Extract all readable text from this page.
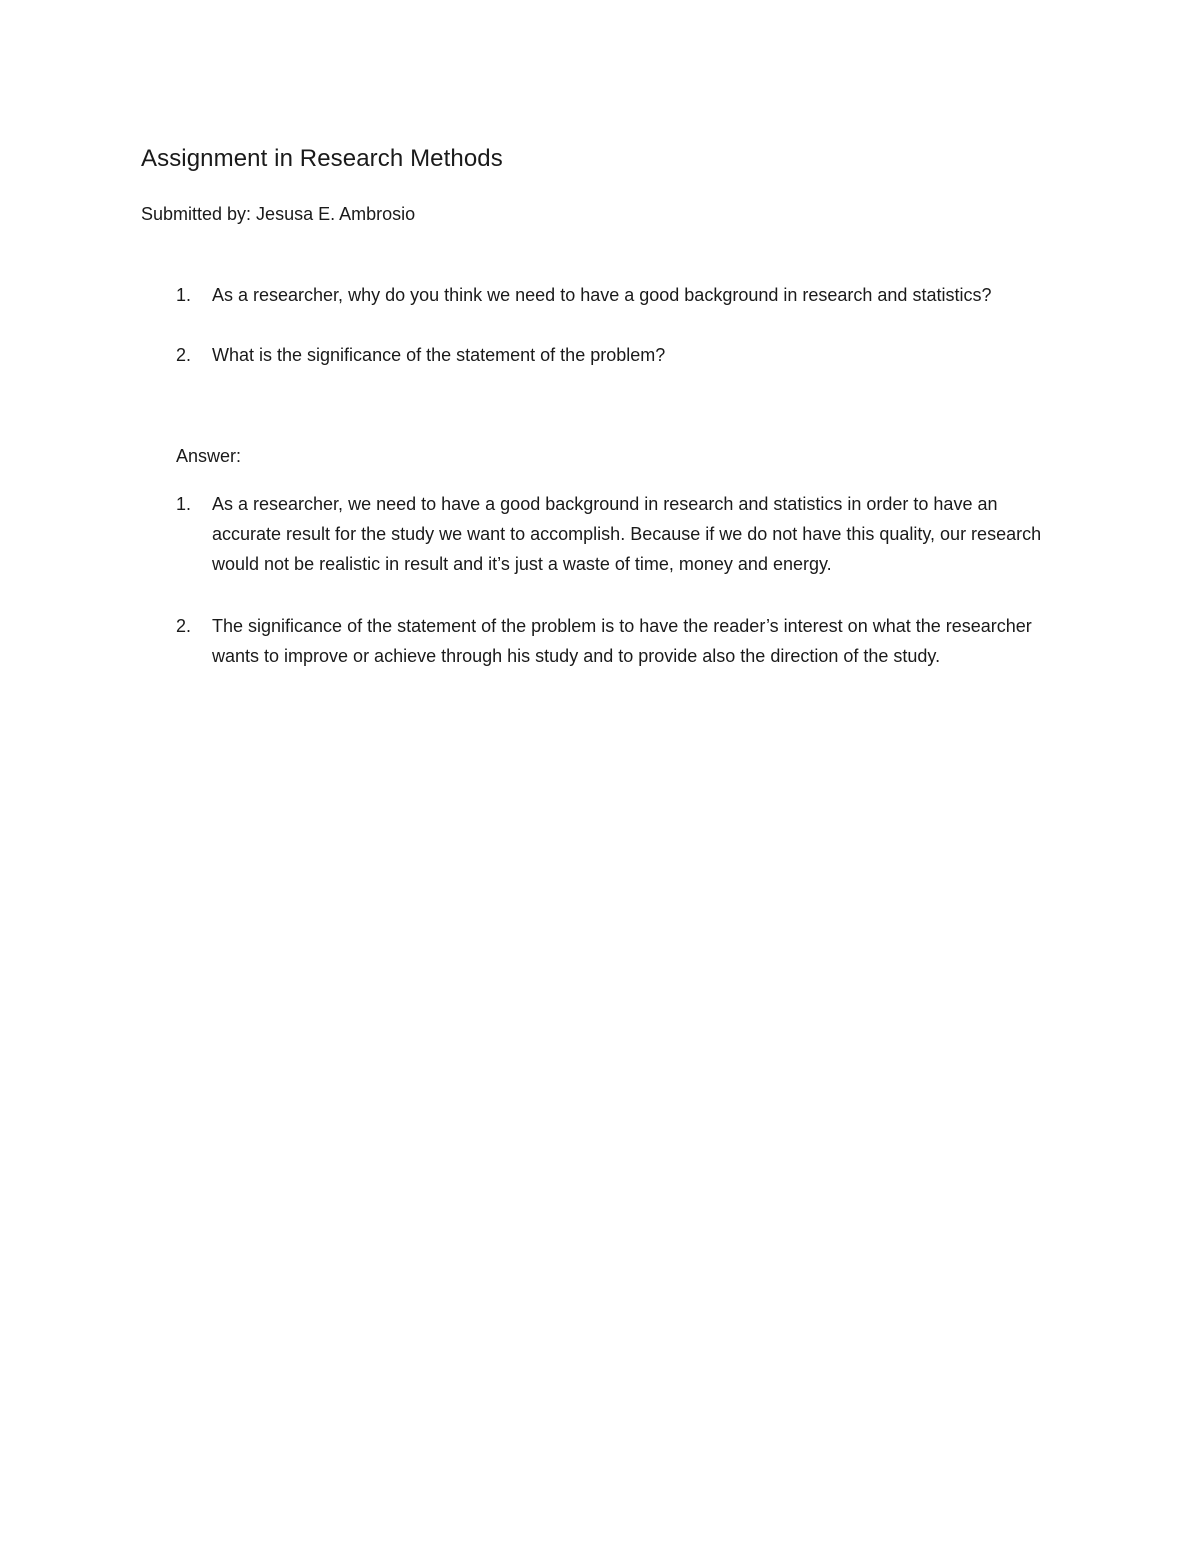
Assignment in Research Methods
Submitted by: Jesusa E. Ambrosio
1.	As a researcher, why do you think we need to have a good background in research and statistics?
2.	What is the significance of the statement of the problem?
Answer:
1.	As a researcher, we need to have a good background in research and statistics in order to have an accurate result for the study we want to accomplish. Because if we do not have this quality, our research would not be realistic in result and it’s just a waste of time, money and energy.
2.	The significance of the statement of the problem is to have the reader’s interest on what the researcher wants to improve or achieve through his study and to provide also the direction of the study.
